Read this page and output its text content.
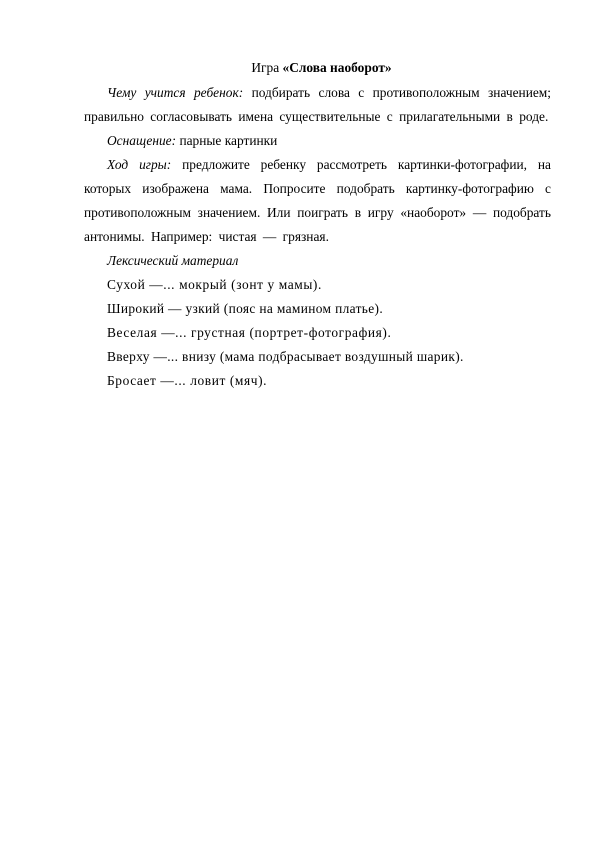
Игра «Слова наоборот»

Чему учится ребенок: подбирать слова с противоположным значением; правильно согласовывать имена существительные с прилагательными в роде.

Оснащение: парные картинки

Ход игры: предложите ребенку рассмотреть картинки-фотографии, на которых изображена мама. Попросите подобрать картинку-фотографию с противоположным значением. Или поиграть в игру «наоборот» — подобрать антонимы. Например: чистая — грязная.

Лексический материал

Сухой —... мокрый (зонт у мамы).

Широкий — узкий (пояс на мамином платье).

Веселая —... грустная (портрет-фотография).

Вверху —... внизу (мама подбрасывает воздушный шарик).

Бросает —... ловит (мяч).
